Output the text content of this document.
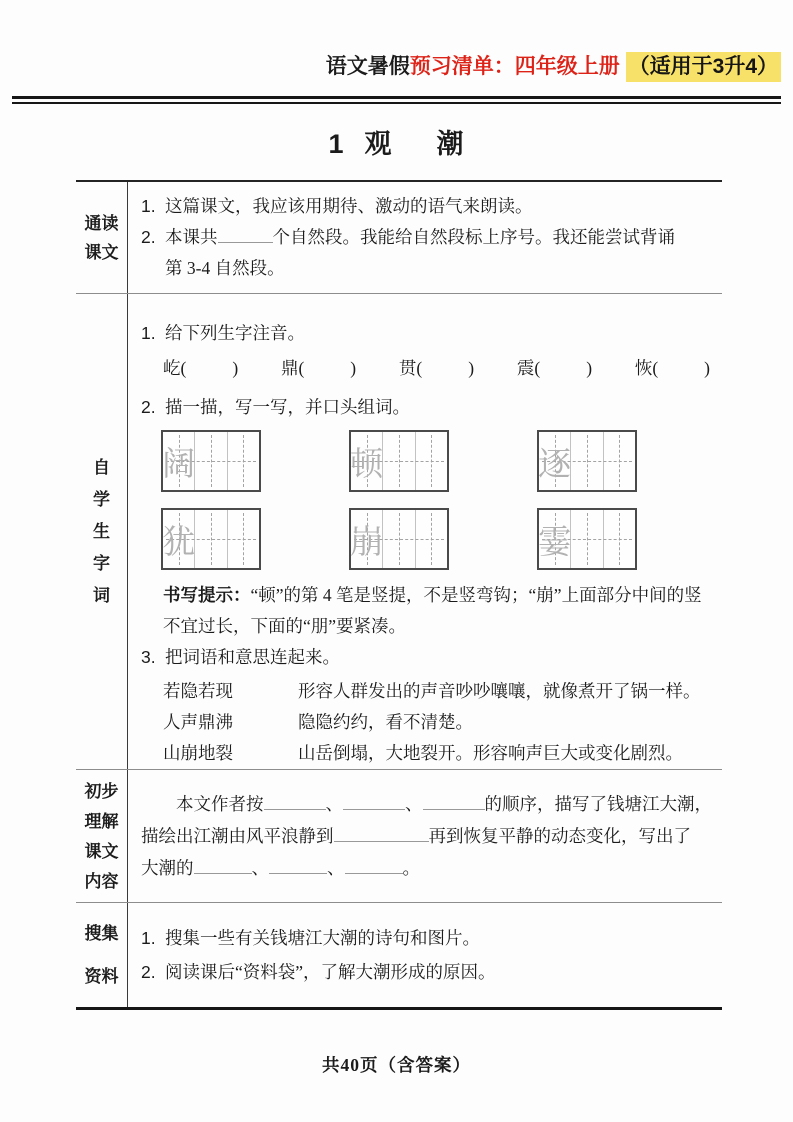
语文暑假预习清单：四年级上册 （适用于3升4）
1 观 潮
通读
课文
1. 这篇课文，我应该用期待、激动的语气来朗读。
2. 本课共	个自然段。我能给自然段标上序号。我还能尝试背诵
第 3-4 自然段。
自
学
生
字
词
1. 给下列生字注音。
屹(	) 鼎(	) 贯(	) 震(	) 恢(	)
2. 描一描，写一写，并口头组词。
阔	顿	逐
犹	崩	霎
书写提示：“顿”的第 4 笔是竖提，不是竖弯钩；“崩”上面部分中间的竖不宜过长，下面的“朋”要紧凑。
3. 把词语和意思连起来。
若隐若现	形容人群发出的声音吵吵嚷嚷，就像煮开了锅一样。
人声鼎沸	隐隐约约，看不清楚。
山崩地裂	山岳倒塌，大地裂开。形容响声巨大或变化剧烈。
初步
理解
课文
内容
本文作者按	、	、	的顺序，描写了钱塘江大潮，
描绘出江潮由风平浪静到	再到恢复平静的动态变化，写出了
大潮的	、	、	。
搜集
资料
1. 搜集一些有关钱塘江大潮的诗句和图片。
2. 阅读课后“资料袋”，了解大潮形成的原因。
共40页（含答案）
